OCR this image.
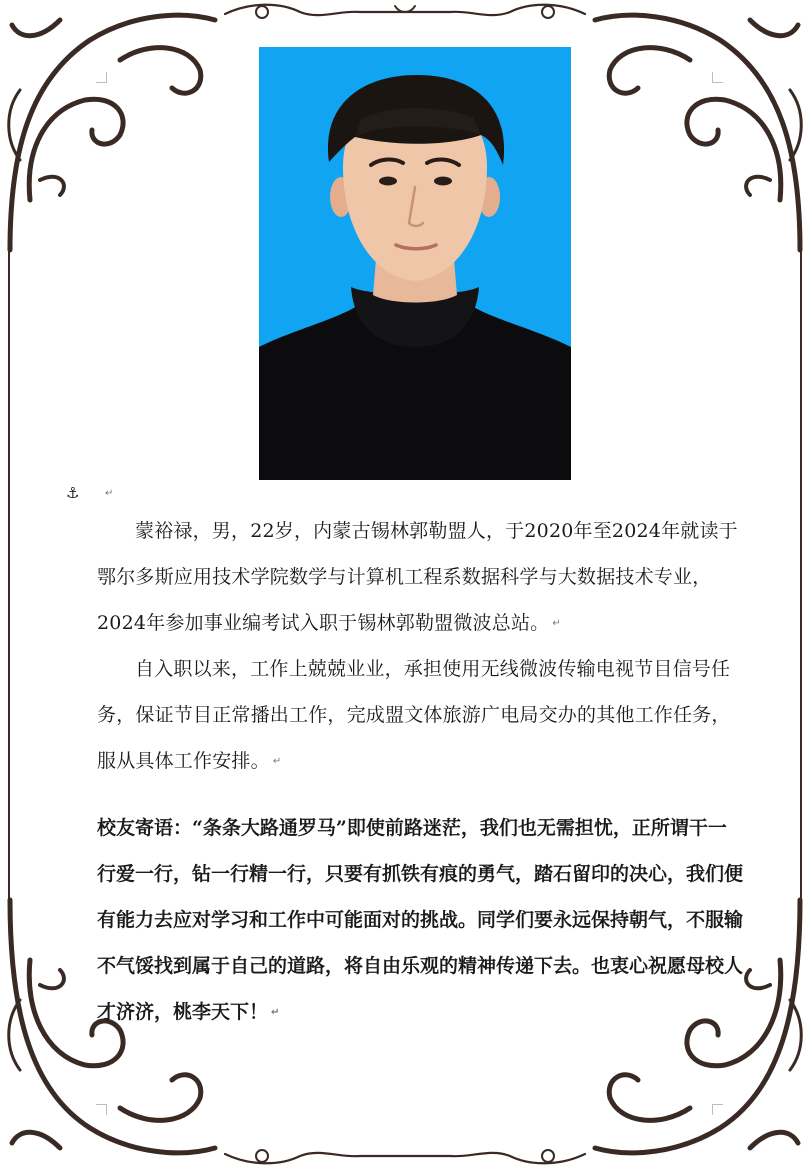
⚓	↵

蒙裕禄，男，22岁，内蒙古锡林郭勒盟人，于2020年至2024年就读于鄂尔多斯应用技术学院数学与计算机工程系数据科学与大数据技术专业，2024年参加事业编考试入职于锡林郭勒盟微波总站。 ↵

自入职以来，工作上兢兢业业，承担使用无线微波传输电视节目信号任务，保证节目正常播出工作，完成盟文体旅游广电局交办的其他工作任务，服从具体工作安排。 ↵

校友寄语：“条条大路通罗马”即使前路迷茫，我们也无需担忧，正所谓干一行爱一行，钻一行精一行，只要有抓铁有痕的勇气，踏石留印的决心，我们便有能力去应对学习和工作中可能面对的挑战。同学们要永远保持朝气，不服输不气馁找到属于自己的道路，将自由乐观的精神传递下去。也衷心祝愿母校人才济济，桃李天下！ ↵
